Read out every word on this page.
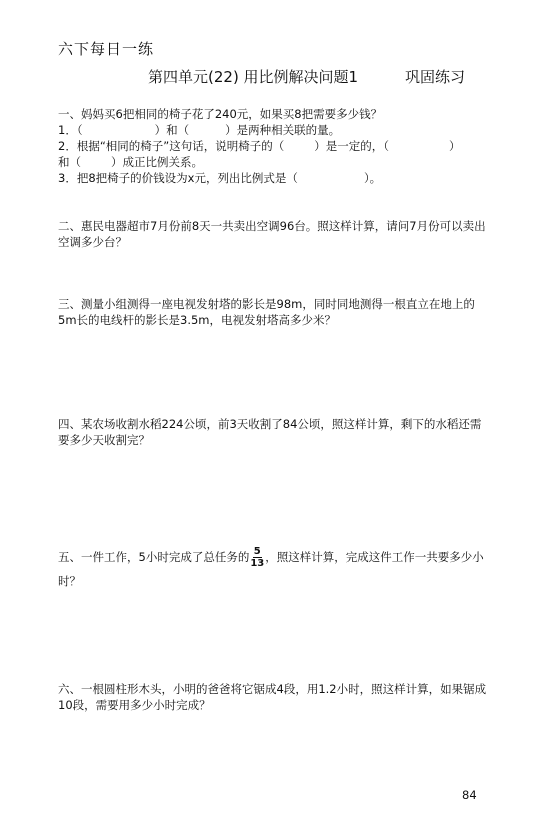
六下每日一练
第四单元(22) 用比例解决问题1	巩固练习
一、妈妈买6把相同的椅子花了240元，如果买8把需要多少钱？
1．（	）和（	）是两种相关联的量。
2．根据“相同的椅子”这句话，说明椅子的（	）是一定的，（	）
和（	）成正比例关系。
3．把8把椅子的价钱设为x元，列出比例式是（	）。
二、惠民电器超市7月份前8天一共卖出空调96台。照这样计算，请问7月份可以卖出空调多少台？
三、测量小组测得一座电视发射塔的影长是98m，同时同地测得一根直立在地上的5m长的电线杆的影长是3.5m，电视发射塔高多少米？
四、某农场收割水稻224公顷，前3天收割了84公顷，照这样计算，剩下的水稻还需要多少天收割完？
五、一件工作，5小时完成了总任务的 $\frac{5}{13}$ ，照这样计算，完成这件工作一共要多少小时？
六、一根圆柱形木头，小明的爸爸将它锯成4段，用1.2小时，照这样计算，如果锯成10段，需要用多少小时完成？
84
